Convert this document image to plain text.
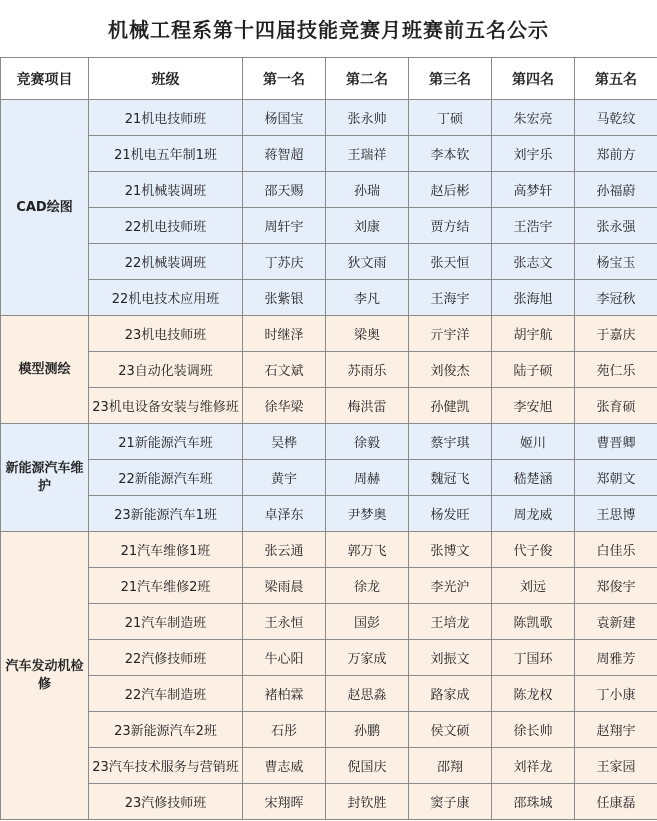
机械工程系第十四届技能竞赛月班赛前五名公示
竞赛项目	班级	第一名	第二名	第三名	第四名	第五名
CAD绘图	21机电技师班	杨国宝	张永帅	丁硕	朱宏亮	马乾纹
	21机电五年制1班	蒋智超	王瑞祥	李本钦	刘宇乐	郑前方
	21机械装调班	邵天赐	孙瑞	赵后彬	高梦轩	孙福蔚
	22机电技师班	周轩宇	刘康	贾方结	王浩宇	张永强
	22机械装调班	丁苏庆	狄文雨	张天恒	张志文	杨宝玉
	22机电技术应用班	张紫银	李凡	王海宇	张海旭	李冠秋
模型测绘	23机电技师班	时继泽	梁奥	亓宇洋	胡宇航	于嘉庆
	23自动化装调班	石文斌	苏雨乐	刘俊杰	陆子硕	苑仁乐
	23机电设备安装与维修班	徐华梁	梅洪雷	孙健凯	李安旭	张育硕
新能源汽车维护	21新能源汽车班	吴桦	徐毅	蔡宇琪	姬川	曹晋卿
	22新能源汽车班	黄宇	周赫	魏冠飞	嵇楚涵	郑朝文
	23新能源汽车1班	卓泽东	尹梦奥	杨发旺	周龙威	王思博
汽车发动机检修	21汽车维修1班	张云通	郭万飞	张博文	代子俊	白佳乐
	21汽车维修2班	梁雨晨	徐龙	李光沪	刘远	郑俊宇
	21汽车制造班	王永恒	国彭	王培龙	陈凯歌	袁新建
	22汽修技师班	牛心阳	万家成	刘振文	丁国环	周雅芳
	22汽车制造班	褚柏霖	赵思淼	路家成	陈龙权	丁小康
	23新能源汽车2班	石彤	孙鹏	侯文硕	徐长帅	赵翔宇
	23汽车技术服务与营销班	曹志威	倪国庆	邵翔	刘祥龙	王家园
	23汽修技师班	宋翔晖	封钦胜	窦子康	邵珠城	任康磊
